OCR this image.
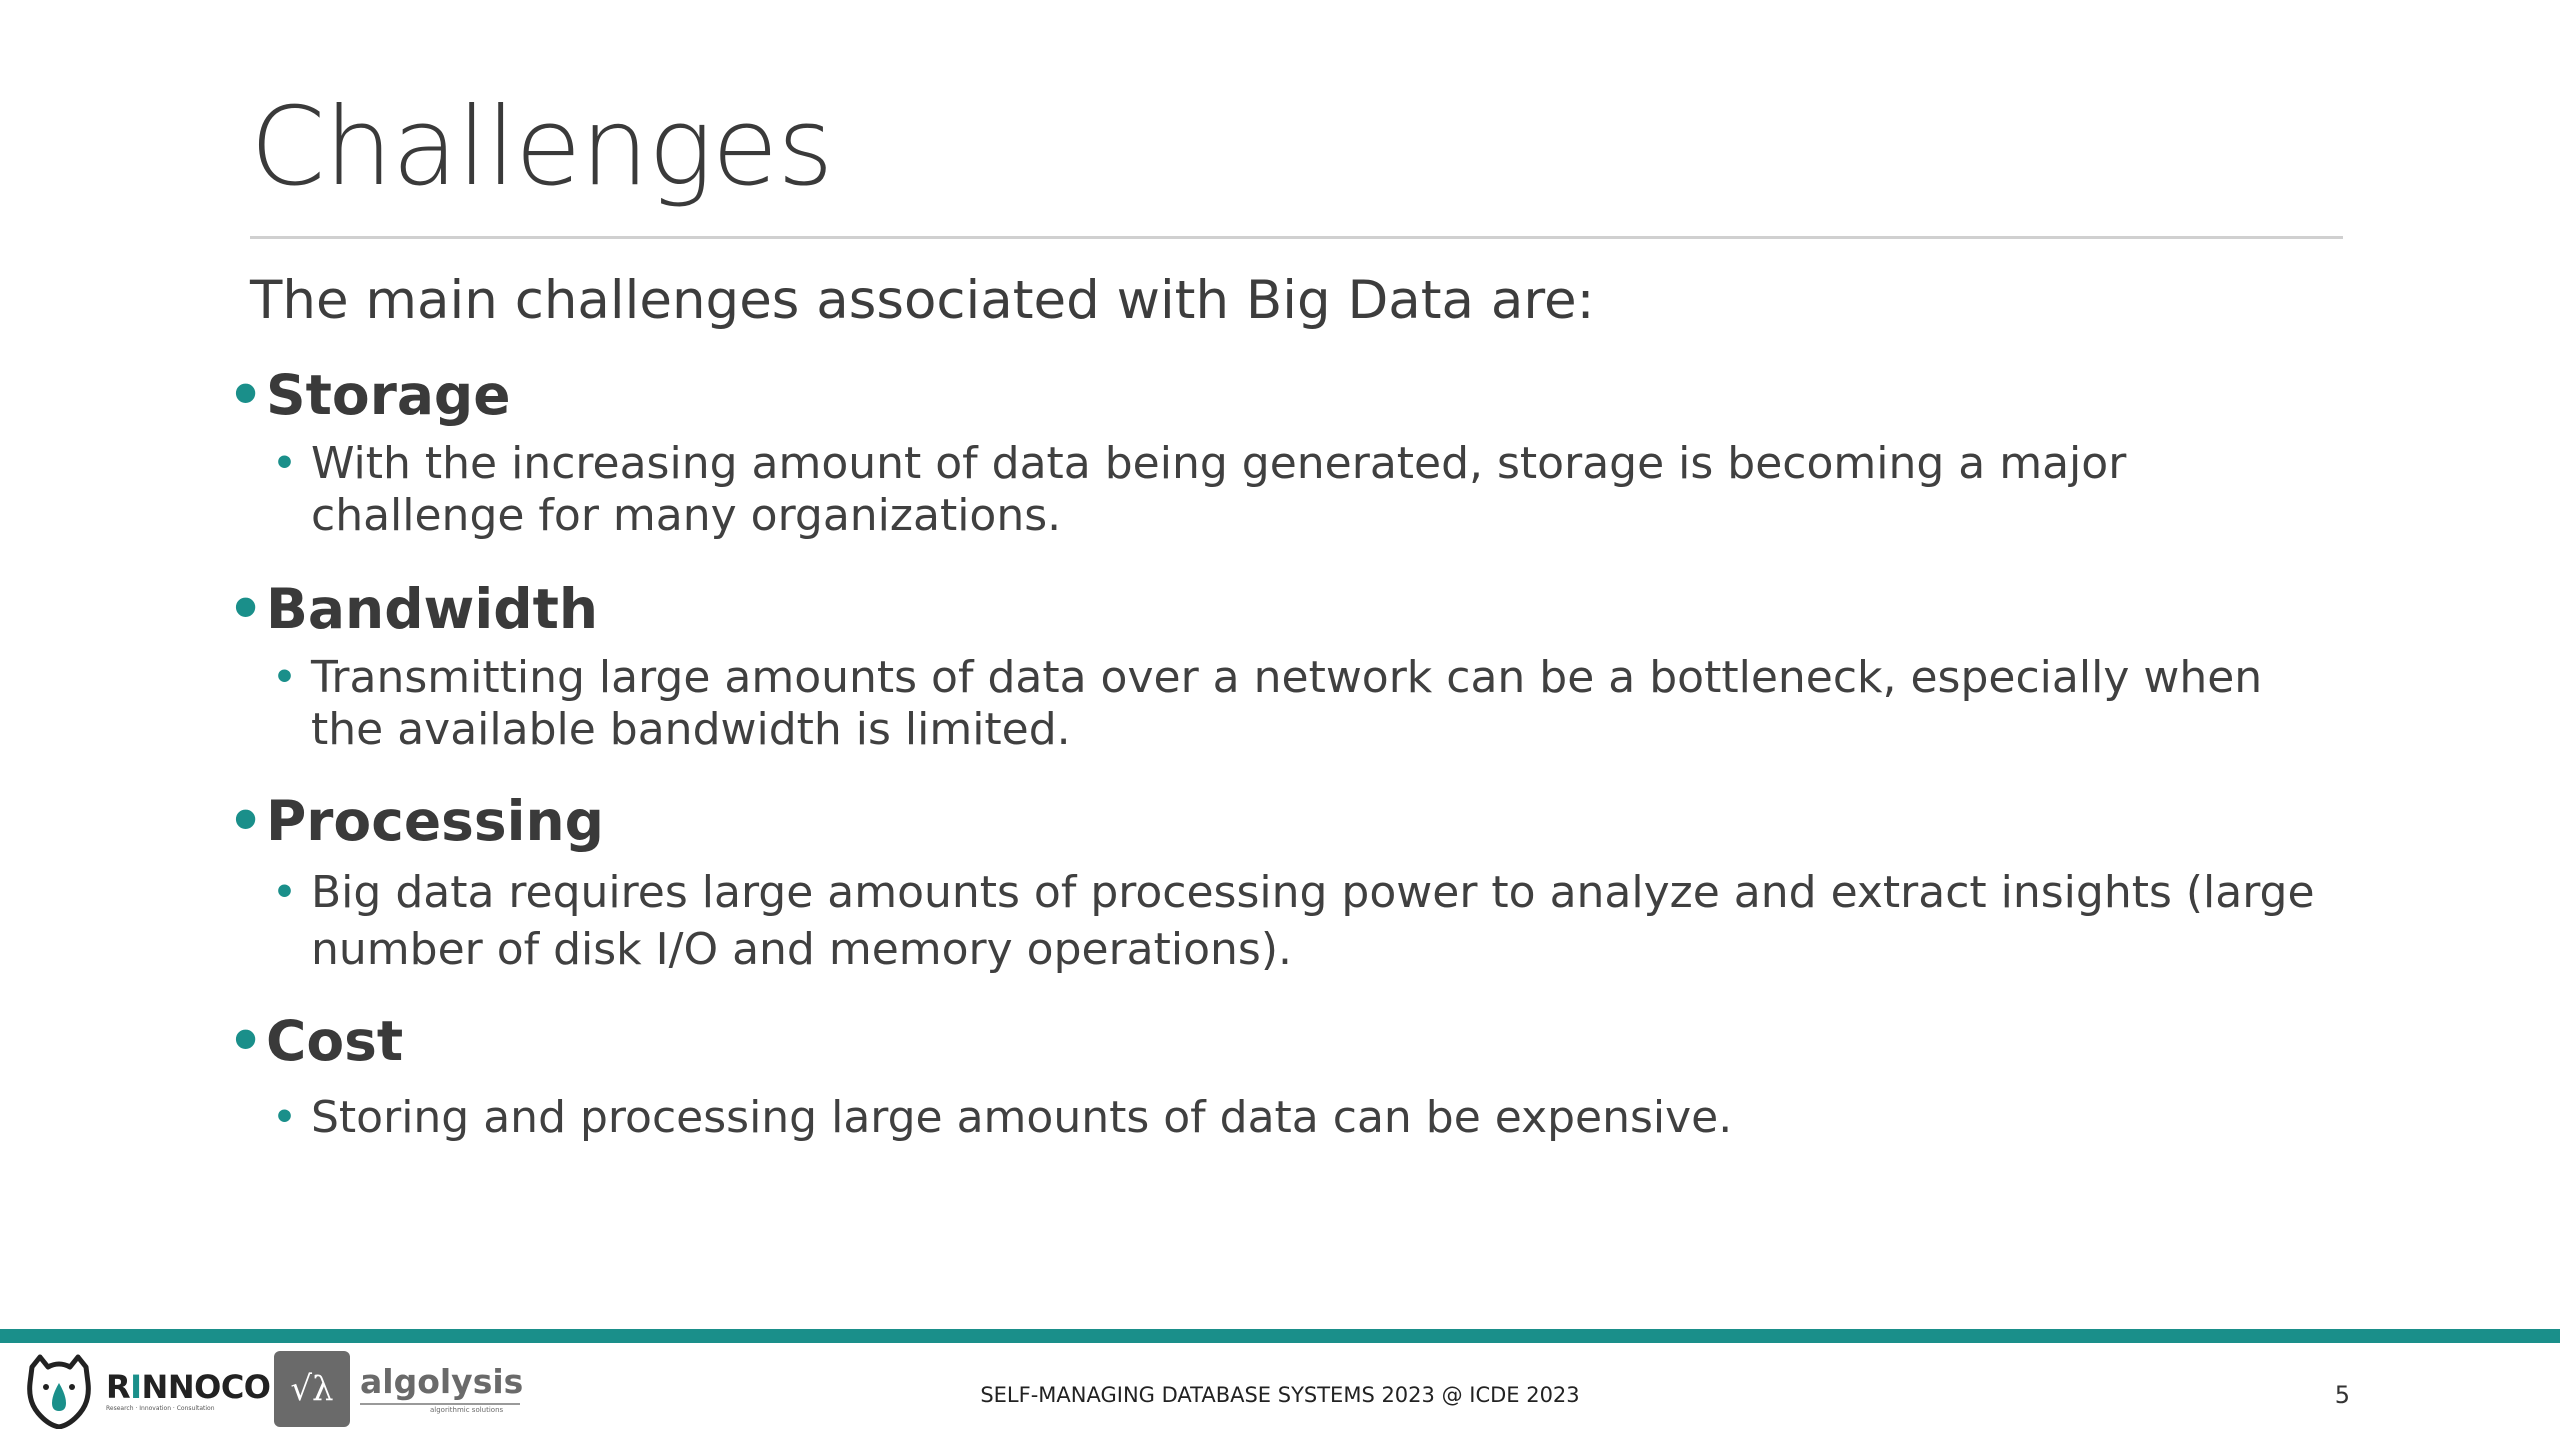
Challenges
The main challenges associated with Big Data are:
• Storage
• With the increasing amount of data being generated, storage is becoming a major challenge for many organizations.
• Bandwidth
• Transmitting large amounts of data over a network can be a bottleneck, especially when the available bandwidth is limited.
• Processing
• Big data requires large amounts of processing power to analyze and extract insights (large number of disk I/O and memory operations).
• Cost
• Storing and processing large amounts of data can be expensive.
RINNOCO
Research · Innovation · Consultation	√λ algolysis
algorithmic solutions
SELF-MANAGING DATABASE SYSTEMS 2023 @ ICDE 2023	5
